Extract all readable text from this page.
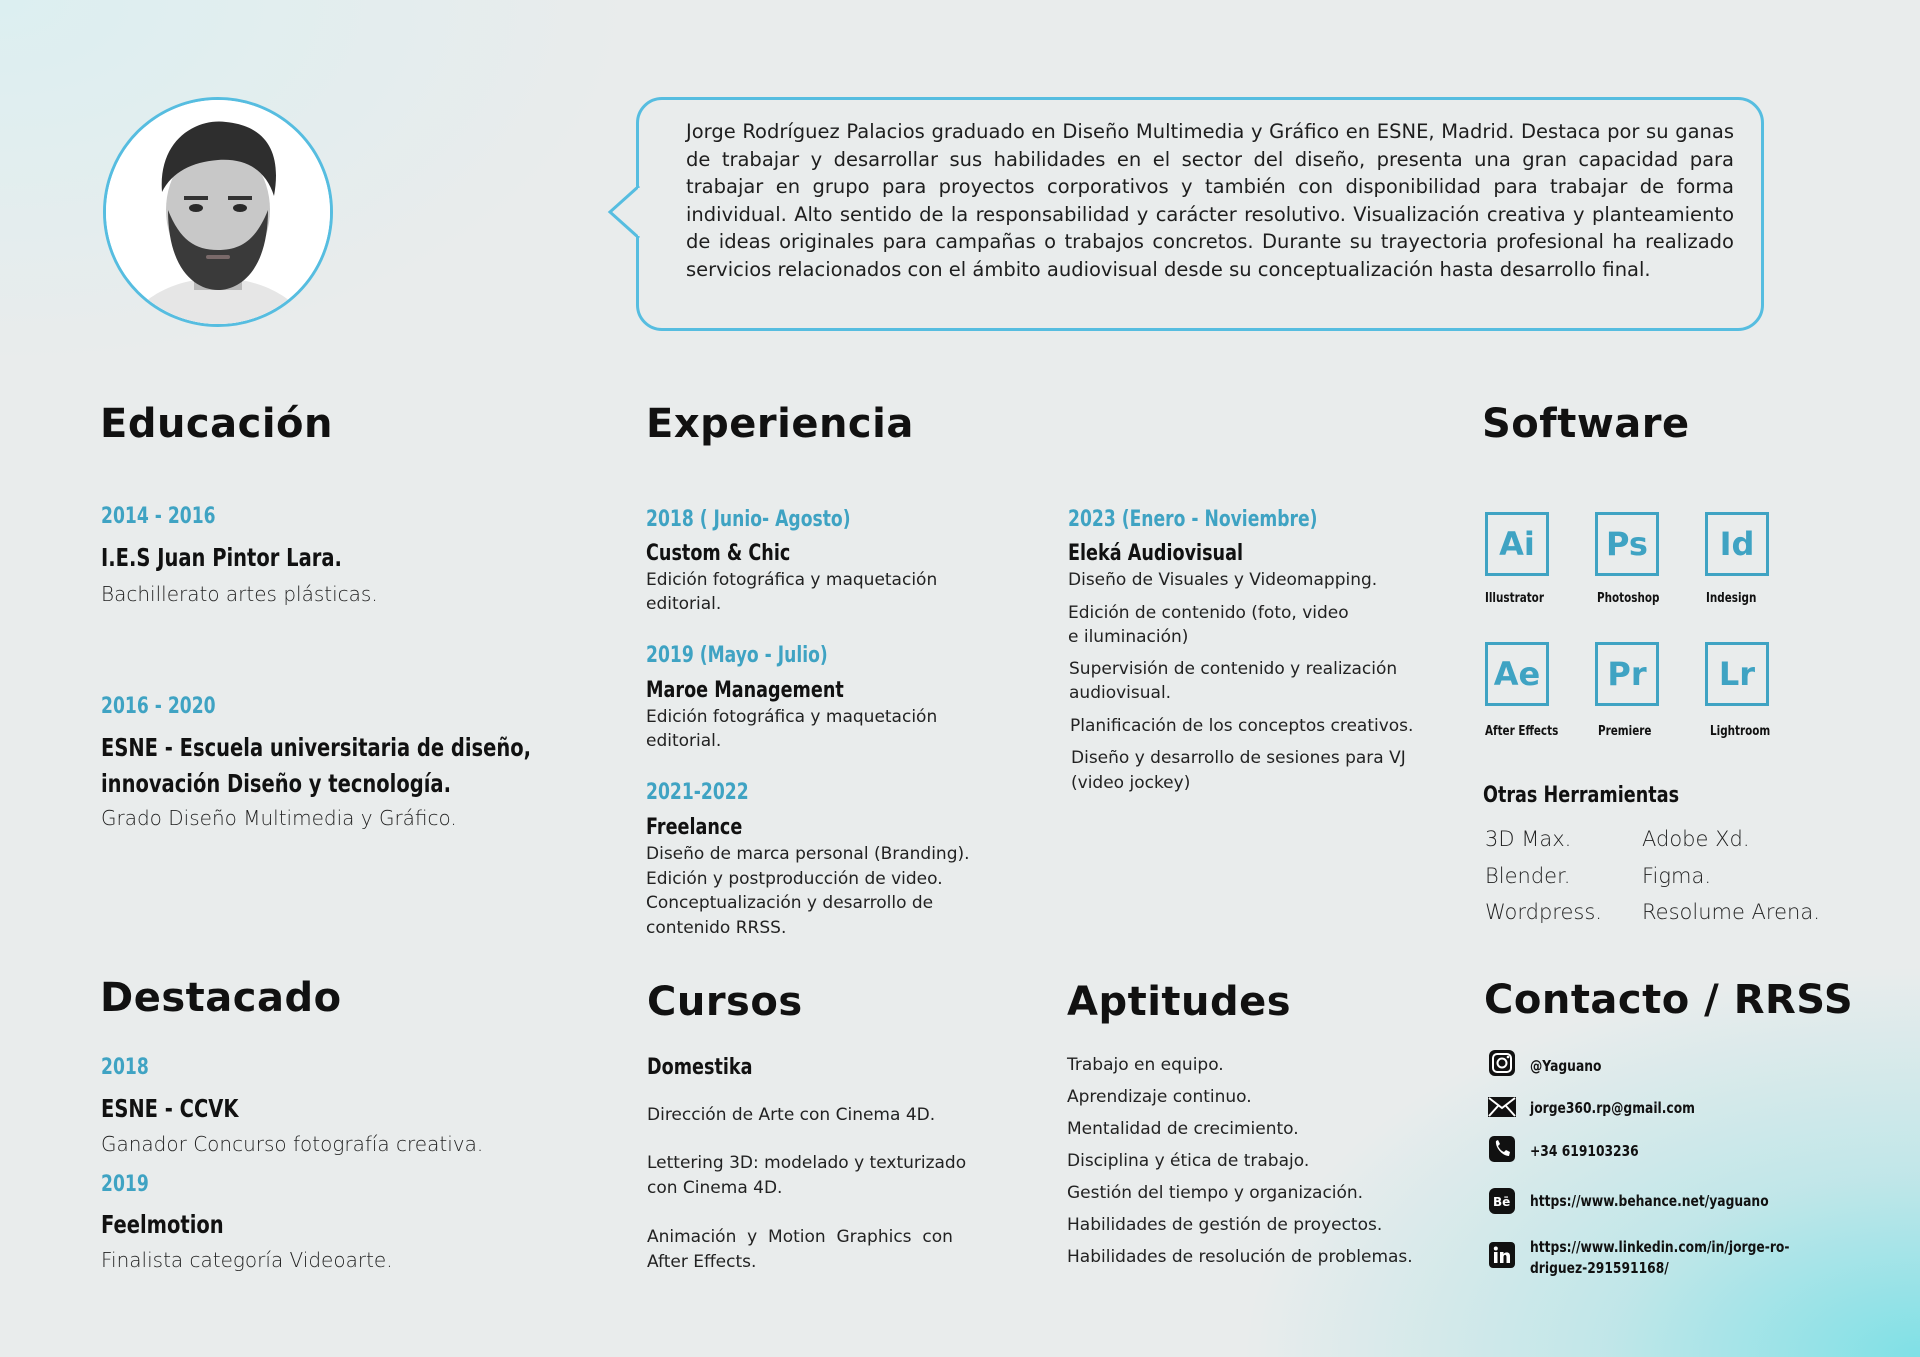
Jorge Rodríguez Palacios graduado en Diseño Multimedia y Gráfico en ESNE, Madrid. Destaca por su ganas de trabajar y desarrollar sus habilidades en el sector del diseño, presenta una gran capacidad para trabajar en grupo para proyectos corporativos y también con disponibilidad para trabajar de forma individual. Alto sentido de la responsabilidad y carácter resolutivo. Visualización creativa y planteamiento de ideas originales para campañas o trabajos concretos. Durante su trayectoria profesional ha realizado servicios relacionados con el ámbito audiovisual desde su conceptualización hasta desarrollo final.
Educación
2014 - 2016
I.E.S Juan Pintor Lara.
Bachillerato artes plásticas.
2016 - 2020
ESNE - Escuela universitaria de diseño,
innovación Diseño y tecnología.
Grado Diseño Multimedia y Gráfico.
Experiencia
2018 ( Junio- Agosto)
Custom & Chic
Edición fotográfica y maquetación
editorial.
2019 (Mayo - Julio)
Maroe Management
Edición fotográfica y maquetación
editorial.
2021-2022
Freelance
Diseño de marca personal (Branding).
Edición y postproducción de video.
Conceptualización y desarrollo de
contenido RRSS.
2023 (Enero - Noviembre)
Eleká Audiovisual
Diseño de Visuales y Videomapping.
Edición de contenido (foto, video
e iluminación)
Supervisión de contenido y realización
audiovisual.
Planificación de los conceptos creativos.
Diseño y desarrollo de sesiones para VJ
(video jockey)
Software
Ai	Ps	Id
Illustrator	Photoshop	Indesign
Ae	Pr	Lr
After Effects	Premiere	Lightroom
Otras Herramientas
3D Max.	Adobe Xd.
Blender.	Figma.
Wordpress. Resolume Arena.
Destacado
2018
ESNE - CCVK
Ganador Concurso fotografía creativa.
2019
Feelmotion
Finalista categoría Videoarte.
Cursos
Domestika
Dirección de Arte con Cinema 4D.
Lettering 3D: modelado y texturizado
con Cinema 4D.
Animación  y  Motion  Graphics  con
After Effects.
Aptitudes
Trabajo en equipo.
Aprendizaje continuo.
Mentalidad de crecimiento.
Disciplina y ética de trabajo.
Gestión del tiempo y organización.
Habilidades de gestión de proyectos.
Habilidades de resolución de problemas.
Contacto / RRSS
@Yaguano
jorge360.rp@gmail.com
+34 619103236
Bē https://www.behance.net/yaguano
https://www.linkedin.com/in/jorge-ro-
driguez-291591168/
